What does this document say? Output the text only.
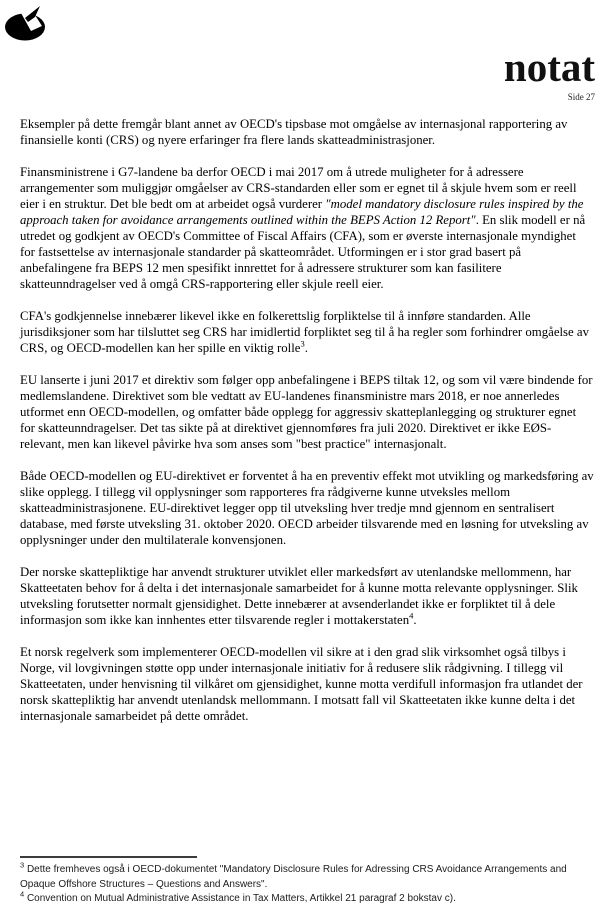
notat
Side 27

Eksempler på dette fremgår blant annet av OECD's tipsbase mot omgåelse av internasjonal rapportering av finansielle konti (CRS) og nyere erfaringer fra flere lands skatteadministrasjoner.

Finansministrene i G7-landene ba derfor OECD i mai 2017 om å utrede muligheter for å adressere arrangementer som muliggjør omgåelser av CRS-standarden eller som er egnet til å skjule hvem som er reell eier i en struktur. Det ble bedt om at arbeidet også vurderer "model mandatory disclosure rules inspired by the approach taken for avoidance arrangements outlined within the BEPS Action 12 Report". En slik modell er nå utredet og godkjent av OECD's Committee of Fiscal Affairs (CFA), som er øverste internasjonale myndighet for fastsettelse av internasjonale standarder på skatteområdet. Utformingen er i stor grad basert på anbefalingene fra BEPS 12 men spesifikt innrettet for å adressere strukturer som kan fasilitere skatteunndragelser ved å omgå CRS-rapportering eller skjule reell eier.

CFA's godkjennelse innebærer likevel ikke en folkerettslig forpliktelse til å innføre standarden. Alle jurisdiksjoner som har tilsluttet seg CRS har imidlertid forpliktet seg til å ha regler som forhindrer omgåelse av CRS, og OECD-modellen kan her spille en viktig rolle$^3$.

EU lanserte i juni 2017 et direktiv som følger opp anbefalingene i BEPS tiltak 12, og som vil være bindende for medlemslandene. Direktivet som ble vedtatt av EU-landenes finansministre mars 2018, er noe annerledes utformet enn OECD-modellen, og omfatter både opplegg for aggressiv skatteplanlegging og strukturer egnet for skatteunndragelser. Det tas sikte på at direktivet gjennomføres fra juli 2020. Direktivet er ikke EØS-relevant, men kan likevel påvirke hva som anses som "best practice" internasjonalt.

Både OECD-modellen og EU-direktivet er forventet å ha en preventiv effekt mot utvikling og markedsføring av slike opplegg. I tillegg vil opplysninger som rapporteres fra rådgiverne kunne utveksles mellom skatteadministrasjonene. EU-direktivet legger opp til utveksling hver tredje mnd gjennom en sentralisert database, med første utveksling 31. oktober 2020. OECD arbeider tilsvarende med en løsning for utveksling av opplysninger under den multilaterale konvensjonen.

Der norske skattepliktige har anvendt strukturer utviklet eller markedsført av utenlandske mellommenn, har Skatteetaten behov for å delta i det internasjonale samarbeidet for å kunne motta relevante opplysninger. Slik utveksling forutsetter normalt gjensidighet. Dette innebærer at avsenderlandet ikke er forpliktet til å dele informasjon som ikke kan innhentes etter tilsvarende regler i mottakerstaten$^4$.

Et norsk regelverk som implementerer OECD-modellen vil sikre at i den grad slik virksomhet også tilbys i Norge, vil lovgivningen støtte opp under internasjonale initiativ for å redusere slik rådgivning. I tillegg vil Skatteetaten, under henvisning til vilkåret om gjensidighet, kunne motta verdifull informasjon fra utlandet der norsk skattepliktig har anvendt utenlandsk mellommann. I motsatt fall vil Skatteetaten ikke kunne delta i det internasjonale samarbeidet på dette området.

$^3$ Dette fremheves også i OECD-dokumentet "Mandatory Disclosure Rules for Adressing CRS Avoidance Arrangements and Opaque Offshore Structures – Questions and Answers".

$^4$ Convention on Mutual Administrative Assistance in Tax Matters, Artikkel 21 paragraf 2 bokstav c).
